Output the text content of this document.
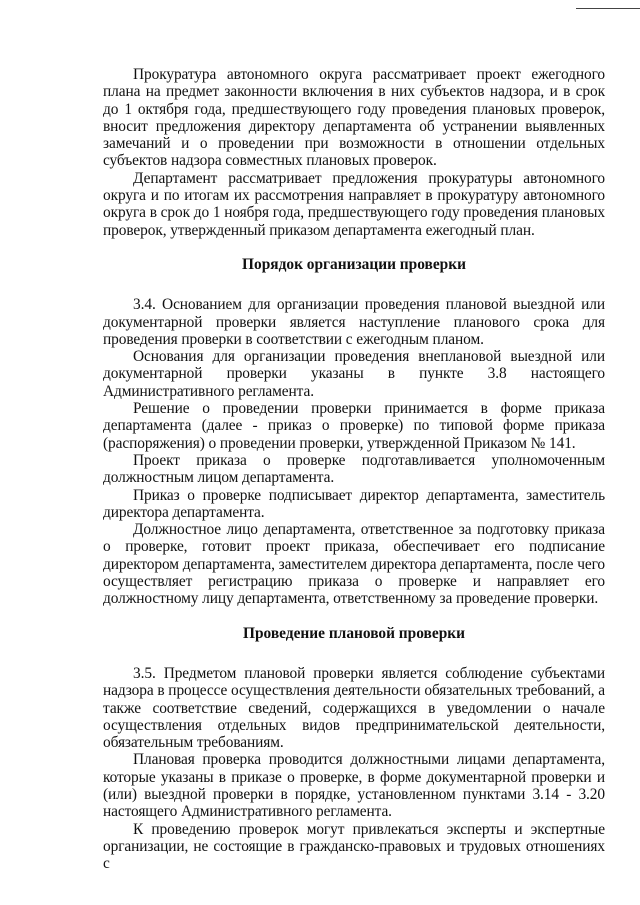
Прокуратура автономного округа рассматривает проект ежегодного плана на предмет законности включения в них субъектов надзора, и в срок до 1 октября года, предшествующего году проведения плановых проверок, вносит предложения директору департамента об устранении выявленных замечаний и о проведении при возможности в отношении отдельных субъектов надзора совместных плановых проверок.

Департамент рассматривает предложения прокуратуры автономного округа и по итогам их рассмотрения направляет в прокуратуру автономного округа в срок до 1 ноября года, предшествующего году проведения плановых проверок, утвержденный приказом департамента ежегодный план.

Порядок организации проверки

3.4. Основанием для организации проведения плановой выездной или документарной проверки является наступление планового срока для проведения проверки в соответствии с ежегодным планом.

Основания для организации проведения внеплановой выездной или документарной проверки указаны в пункте 3.8 настоящего Административного регламента.

Решение о проведении проверки принимается в форме приказа департамента (далее - приказ о проверке) по типовой форме приказа (распоряжения) о проведении проверки, утвержденной Приказом № 141.

Проект приказа о проверке подготавливается уполномоченным должностным лицом департамента.

Приказ о проверке подписывает директор департамента, заместитель директора департамента.

Должностное лицо департамента, ответственное за подготовку приказа о проверке, готовит проект приказа, обеспечивает его подписание директором департамента, заместителем директора департамента, после чего осуществляет регистрацию приказа о проверке и направляет его должностному лицу департамента, ответственному за проведение проверки.

Проведение плановой проверки

3.5. Предметом плановой проверки является соблюдение субъектами надзора в процессе осуществления деятельности обязательных требований, а также соответствие сведений, содержащихся в уведомлении о начале осуществления отдельных видов предпринимательской деятельности, обязательным требованиям.

Плановая проверка проводится должностными лицами департамента, которые указаны в приказе о проверке, в форме документарной проверки и (или) выездной проверки в порядке, установленном пунктами 3.14 - 3.20 настоящего Административного регламента.

К проведению проверок могут привлекаться эксперты и экспертные организации, не состоящие в гражданско-правовых и трудовых отношениях с
